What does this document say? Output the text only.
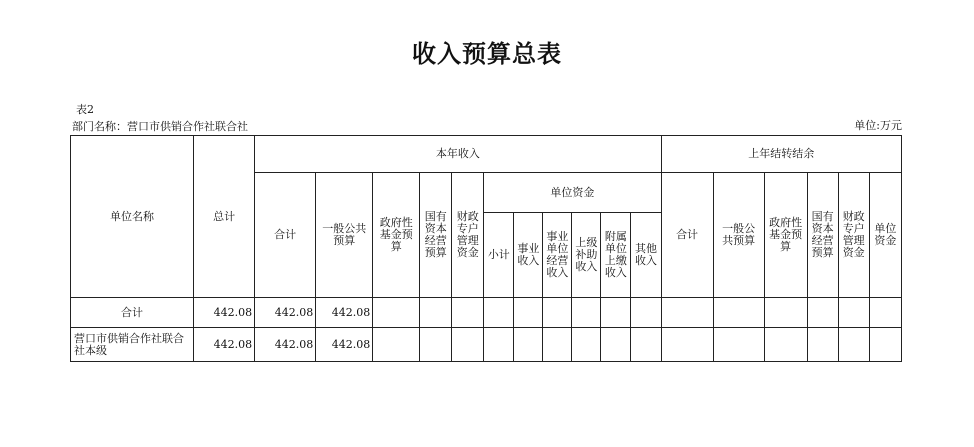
收入预算总表
表2
部门名称：营口市供销合作社联合社	单位:万元
单位名称	总计	本年收入											上年结转结余					
		合计	一般公共预算	政府性基金预算	国有资本经营预算	财政专户管理资金	单位资金						合计	一般公共预算	政府性基金预算	国有资本经营预算	财政专户管理资金	单位资金
							小计	事业收入	事业单位经营收入	上级补助收入	附属单位上缴收入	其他收入						
合计	442.08	442.08	442.08															
营口市供销合作社联合社本级	442.08	442.08	442.08															
